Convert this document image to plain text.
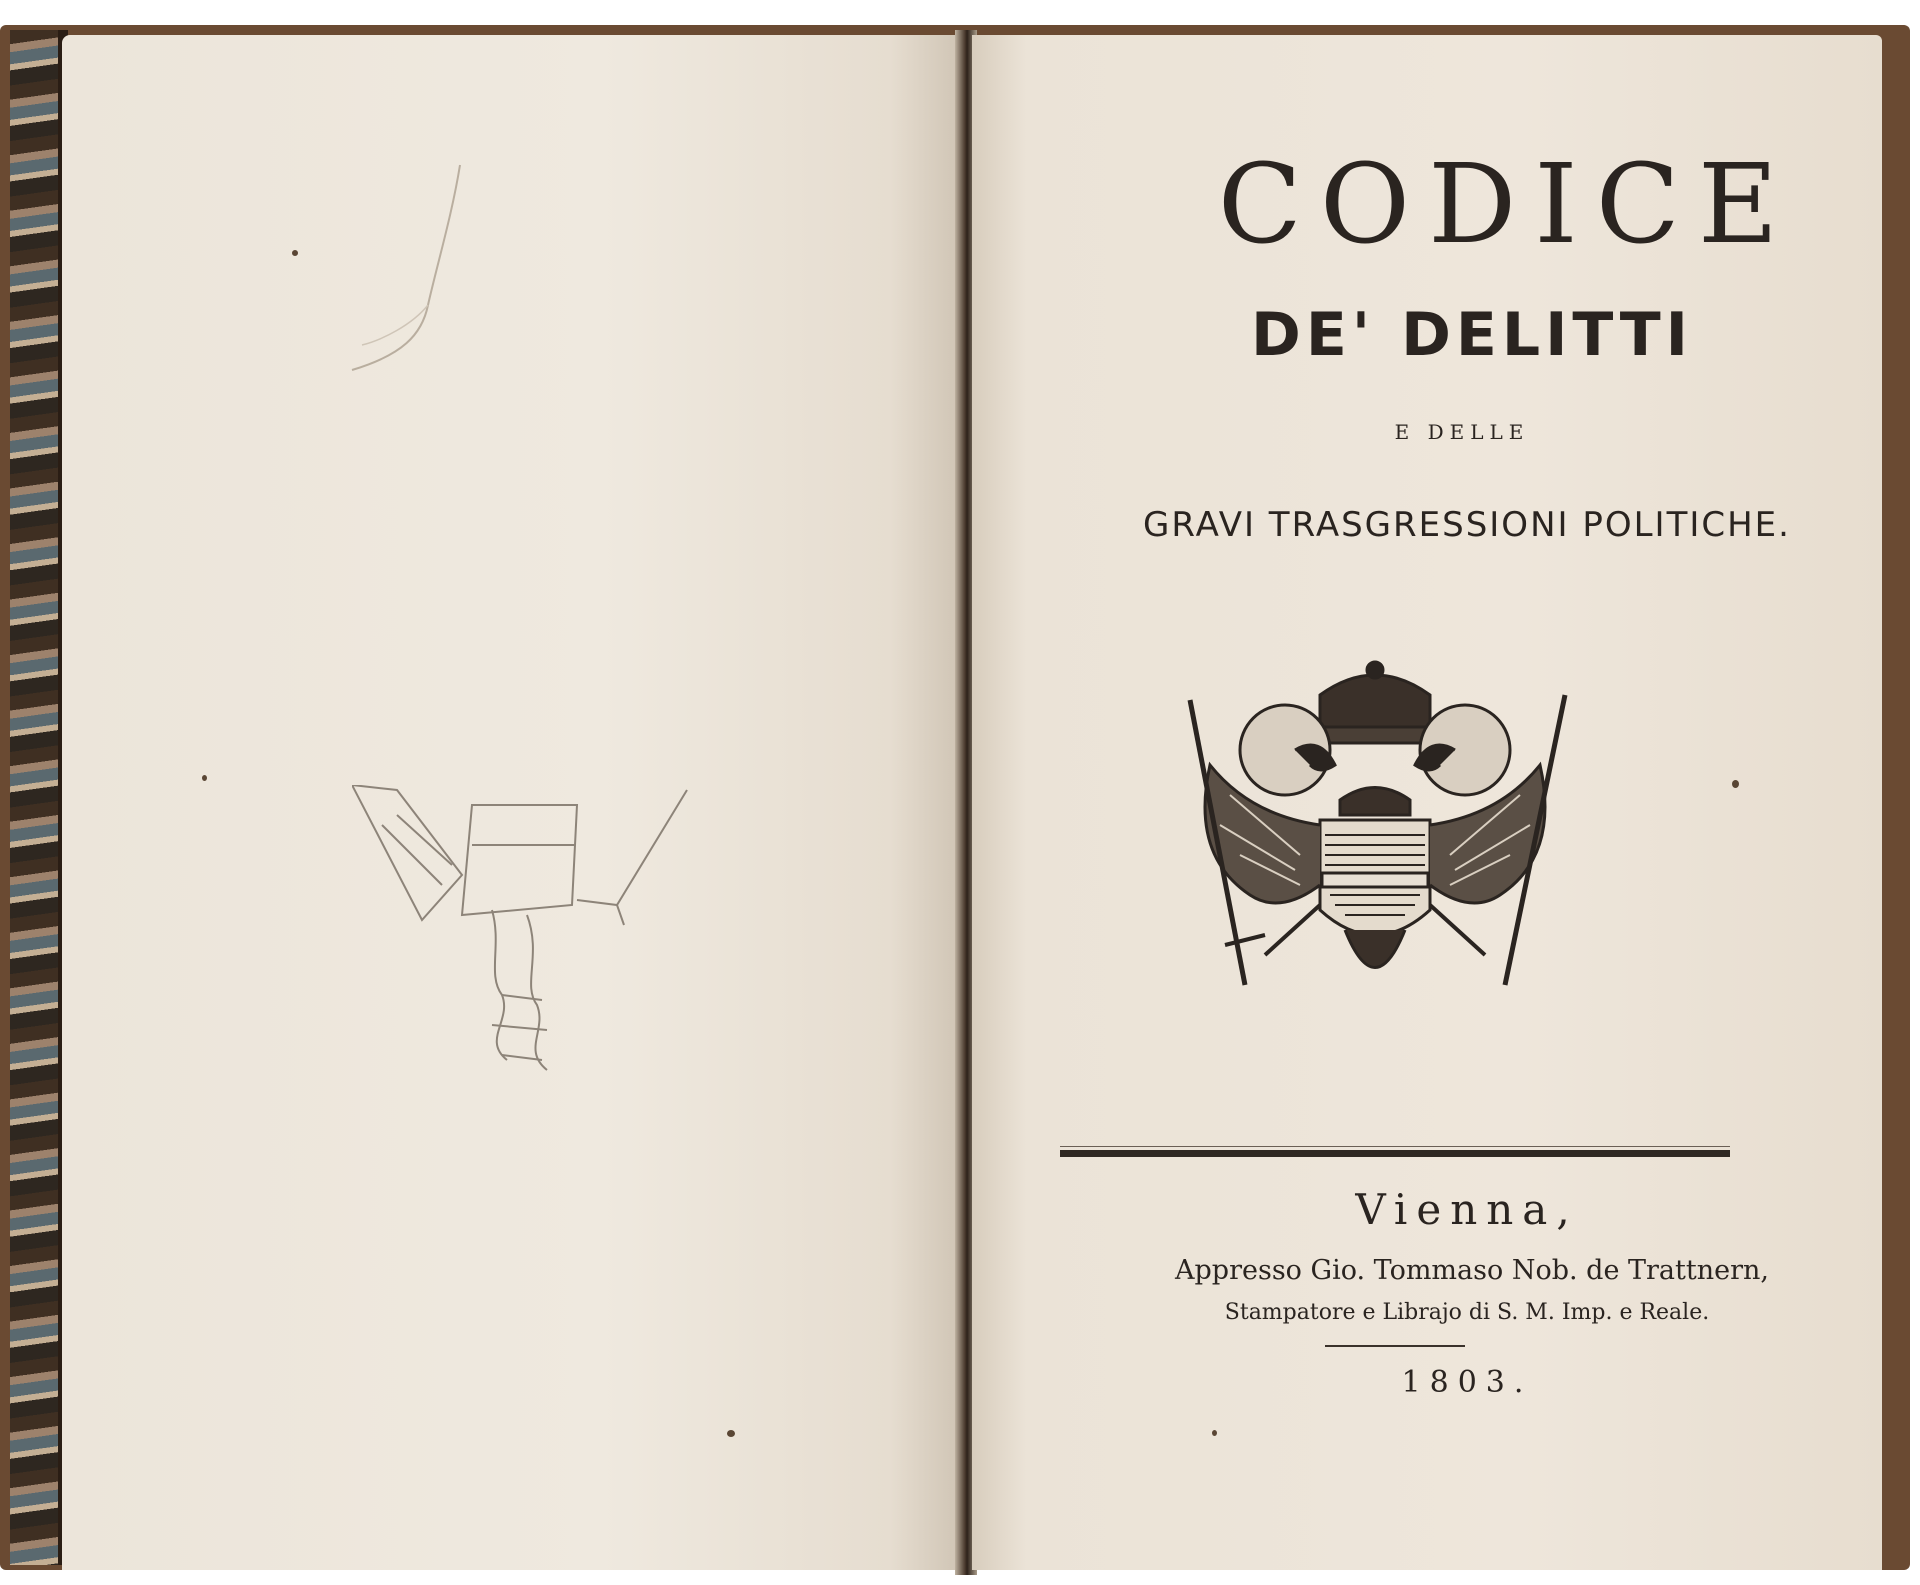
CODICE
DE' DELITTI
E DELLE
GRAVI TRASGRESSIONI POLITICHE.
Vienna,
Appresso Gio. Tommaso Nob. de Trattnern,
Stampatore e Librajo di S. M. Imp. e Reale.
1803.
